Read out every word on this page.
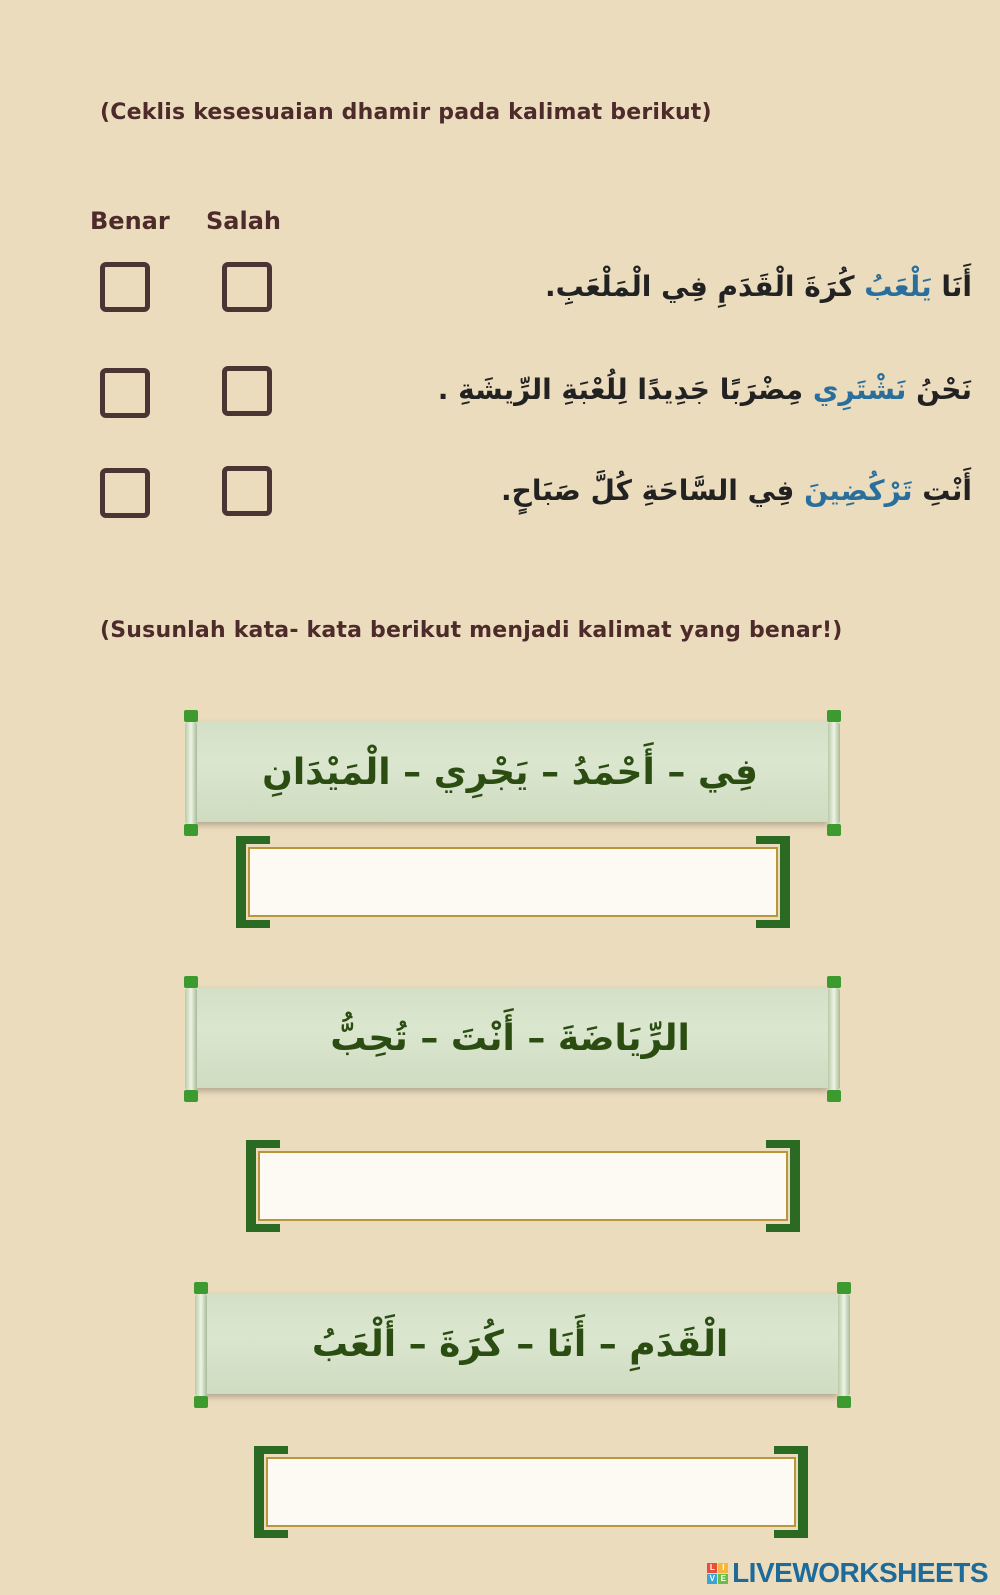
(Ceklis kesesuaian dhamir pada kalimat berikut)
Benar Salah
أَنَا يَلْعَبُ كُرَةَ الْقَدَمِ فِي الْمَلْعَبِ.
نَحْنُ نَشْتَرِي مِضْرَبًا جَدِيدًا لِلُعْبَةِ الرِّيشَةِ .
أَنْتِ تَرْكُضِينَ فِي السَّاحَةِ كُلَّ صَبَاحٍ.
(Susunlah kata- kata berikut menjadi kalimat yang benar!)
فِي – أَحْمَدُ – يَجْرِي – الْمَيْدَانِ
الرِّيَاضَةَ – أَنْتَ – تُحِبُّ
الْقَدَمِ – أَنَا – كُرَةَ – أَلْعَبُ
L I
V E LIVEWORKSHEETS
